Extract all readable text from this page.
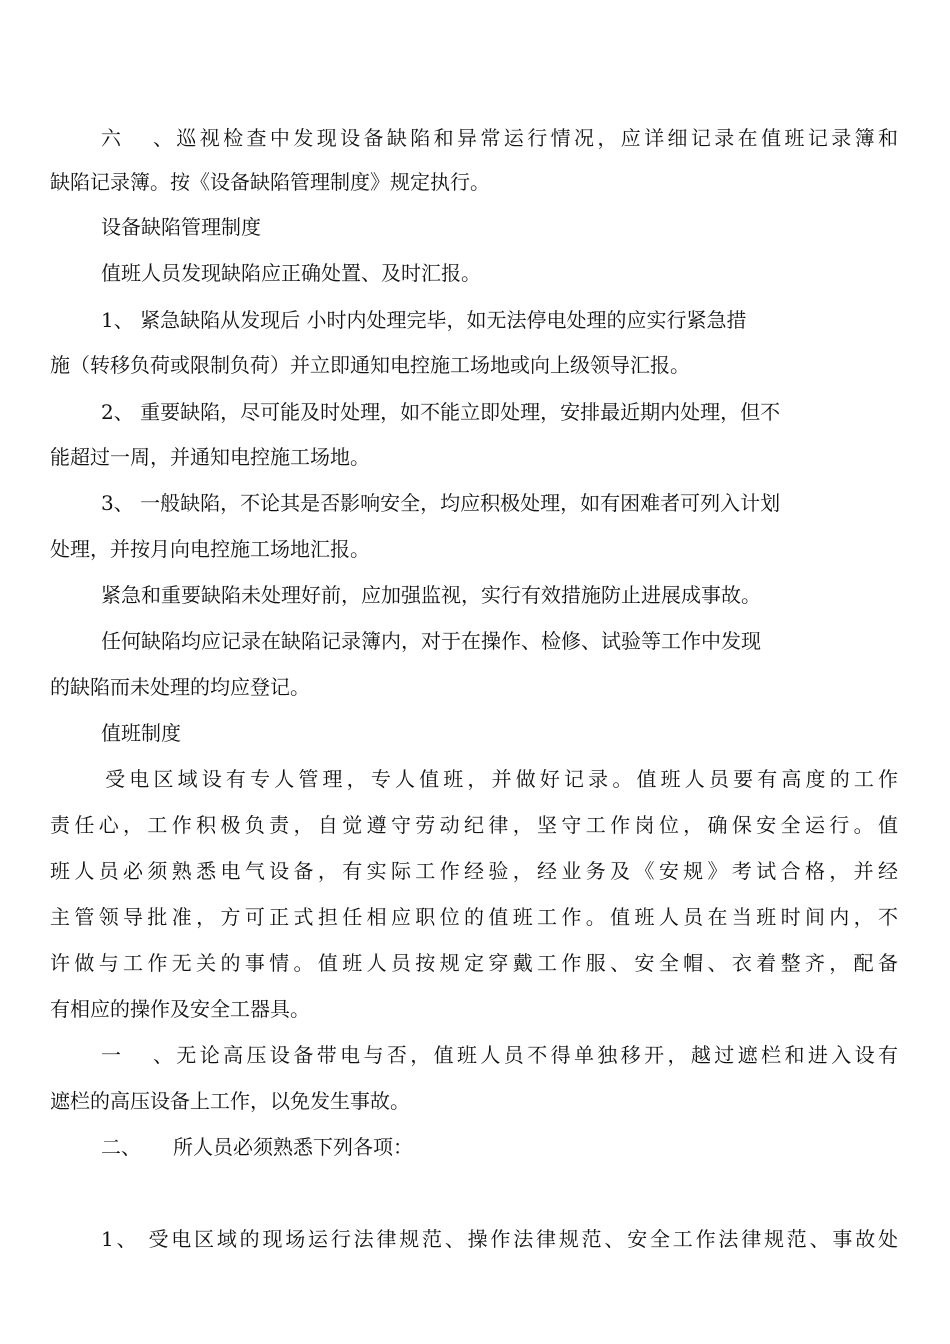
六、巡视检查中发现设备缺陷和异常运行情况，应详细记录在值班记录簿和

缺陷记录簿。按《设备缺陷管理制度》规定执行。

设备缺陷管理制度

值班人员发现缺陷应正确处置、及时汇报。

1、 紧急缺陷从发现后 小时内处理完毕，如无法停电处理的应实行紧急措

施（转移负荷或限制负荷）并立即通知电控施工场地或向上级领导汇报。

2、 重要缺陷，尽可能及时处理，如不能立即处理，安排最近期内处理，但不

能超过一周，并通知电控施工场地。

3、 一般缺陷，不论其是否影响安全，均应积极处理，如有困难者可列入计划

处理，并按月向电控施工场地汇报。

紧急和重要缺陷未处理好前，应加强监视，实行有效措施防止进展成事故。

任何缺陷均应记录在缺陷记录簿内，对于在操作、检修、试验等工作中发现

的缺陷而未处理的均应登记。

值班制度

受电区域设有专人管理，专人值班，并做好记录。值班人员要有高度的工作

责任心，工作积极负责，自觉遵守劳动纪律，坚守工作岗位，确保安全运行。值

班人员必须熟悉电气设备，有实际工作经验，经业务及《安规》考试合格，并经

主管领导批准，方可正式担任相应职位的值班工作。值班人员在当班时间内，不

许做与工作无关的事情。值班人员按规定穿戴工作服、安全帽、衣着整齐，配备

有相应的操作及安全工器具。

一、无论高压设备带电与否，值班人员不得单独移开，越过遮栏和进入设有

遮栏的高压设备上工作，以免发生事故。

二、 所人员必须熟悉下列各项：

1、 受电区域的现场运行法律规范、操作法律规范、安全工作法律规范、事故处
